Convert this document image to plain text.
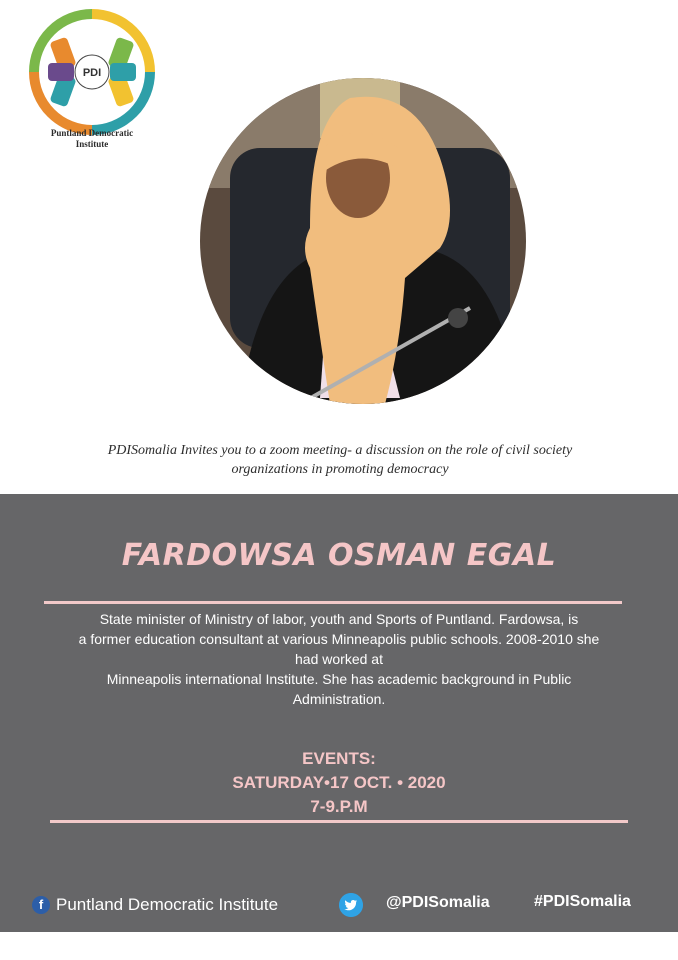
PDI
Puntland Democratic
Institute
PDISomalia Invites you to a zoom meeting- a discussion on the role of civil society
organizations in promoting democracy
FARDOWSA OSMAN EGAL
State minister of Ministry of labor, youth and Sports of Puntland. Fardowsa, is
a former education consultant at various Minneapolis public schools. 2008-2010 she
had worked at
Minneapolis international Institute. She has academic background in Public
Administration.
EVENTS:
SATURDAY•17 OCT. • 2020
7-9.P.M
f Puntland Democratic Institute	@PDISomalia	#PDISomalia
